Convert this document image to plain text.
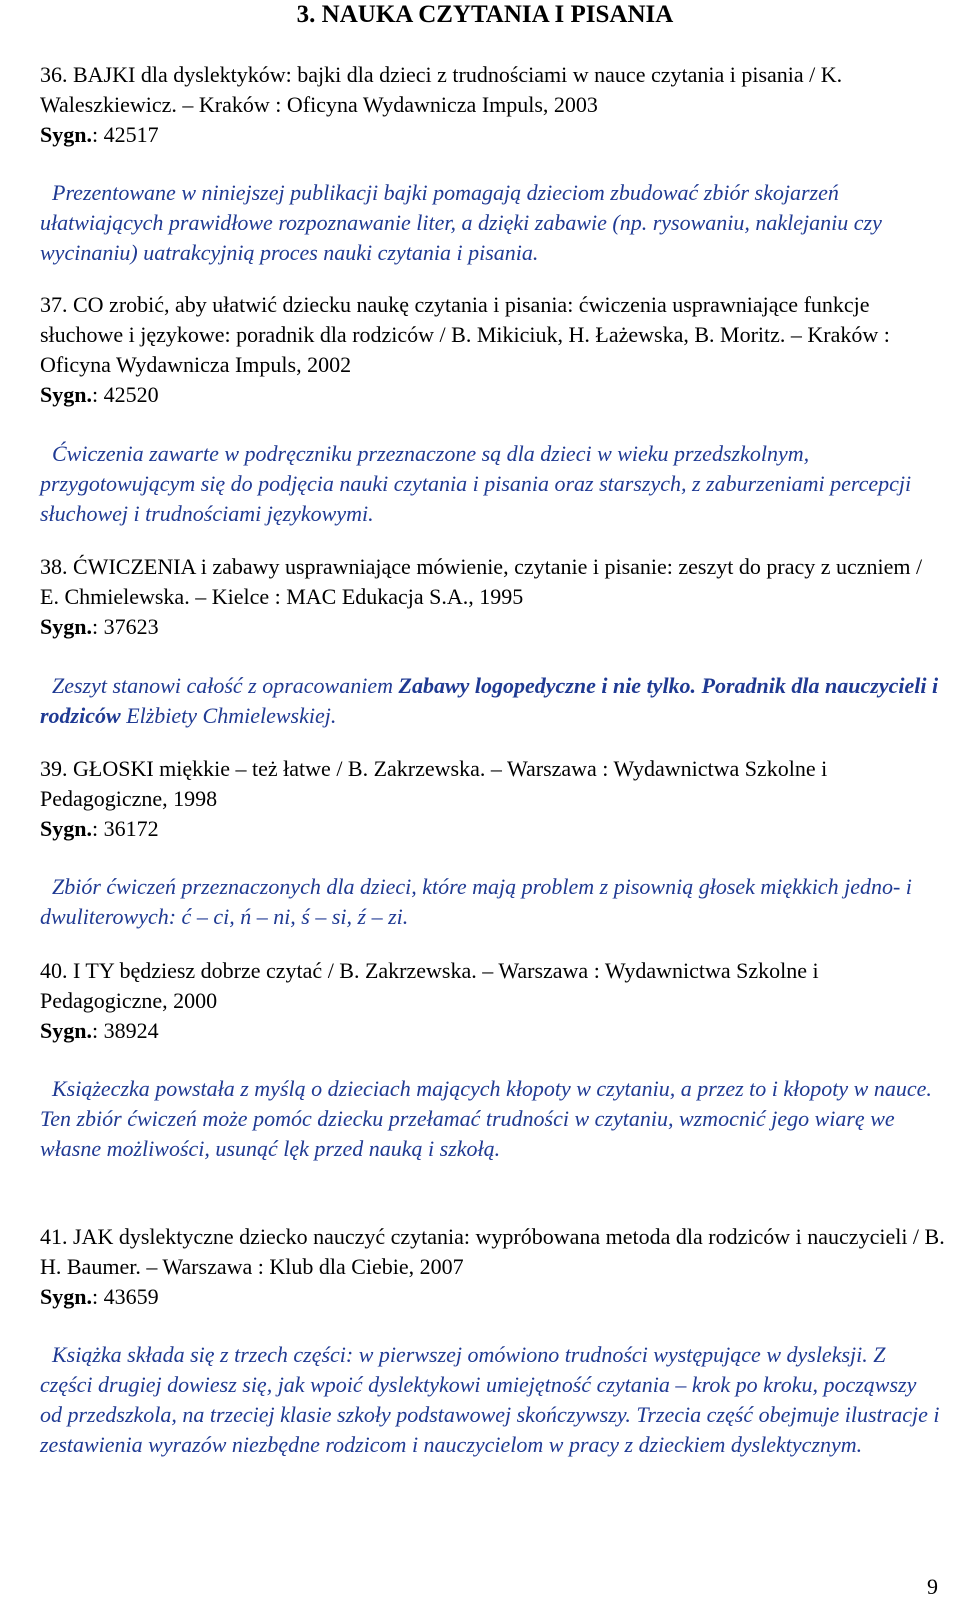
3. NAUKA CZYTANIA I PISANIA
36. BAJKI dla dyslektyków: bajki dla dzieci z trudnościami w nauce czytania i pisania / K. Waleszkiewicz. – Kraków : Oficyna Wydawnicza Impuls, 2003
Sygn.: 42517
Prezentowane w niniejszej publikacji bajki pomagają dzieciom zbudować zbiór skojarzeń ułatwiających prawidłowe rozpoznawanie liter, a dzięki zabawie (np. rysowaniu, naklejaniu czy wycinaniu) uatrakcyjnią proces nauki czytania i pisania.
37. CO zrobić, aby ułatwić dziecku naukę czytania i pisania: ćwiczenia usprawniające funkcje słuchowe i językowe: poradnik dla rodziców / B. Mikiciuk, H. Łażewska, B. Moritz. – Kraków : Oficyna Wydawnicza Impuls, 2002
Sygn.: 42520
Ćwiczenia zawarte w podręczniku przeznaczone są dla dzieci w wieku przedszkolnym, przygotowującym się do podjęcia nauki czytania i pisania oraz starszych, z zaburzeniami percepcji słuchowej i trudnościami językowymi.
38. ĆWICZENIA i zabawy usprawniające mówienie, czytanie i pisanie: zeszyt do pracy z uczniem / E. Chmielewska. – Kielce : MAC Edukacja S.A., 1995
Sygn.: 37623
Zeszyt stanowi całość z opracowaniem Zabawy logopedyczne i nie tylko. Poradnik dla nauczycieli i rodziców Elżbiety Chmielewskiej.
39. GŁOSKI miękkie – też łatwe / B. Zakrzewska. – Warszawa : Wydawnictwa Szkolne i Pedagogiczne, 1998
Sygn.: 36172
Zbiór ćwiczeń przeznaczonych dla dzieci, które mają problem z pisownią głosek miękkich jedno- i dwuliterowych: ć – ci, ń – ni, ś – si, ź – zi.
40. I TY będziesz dobrze czytać / B. Zakrzewska. – Warszawa : Wydawnictwa Szkolne i Pedagogiczne, 2000
Sygn.: 38924
Książeczka powstała z myślą o dzieciach mających kłopoty w czytaniu, a przez to i kłopoty w nauce. Ten zbiór ćwiczeń może pomóc dziecku przełamać trudności w czytaniu, wzmocnić jego wiarę we własne możliwości, usunąć lęk przed nauką i szkołą.
41. JAK dyslektyczne dziecko nauczyć czytania: wypróbowana metoda dla rodziców i nauczycieli / B. H. Baumer. – Warszawa : Klub dla Ciebie, 2007
Sygn.: 43659
Książka składa się z trzech części: w pierwszej omówiono trudności występujące w dysleksji. Z części drugiej dowiesz się, jak wpoić dyslektykowi umiejętność czytania – krok po kroku, począwszy od przedszkola, na trzeciej klasie szkoły podstawowej skończywszy. Trzecia część obejmuje ilustracje i zestawienia wyrazów niezbędne rodzicom i nauczycielom w pracy z dzieckiem dyslektycznym.
9
